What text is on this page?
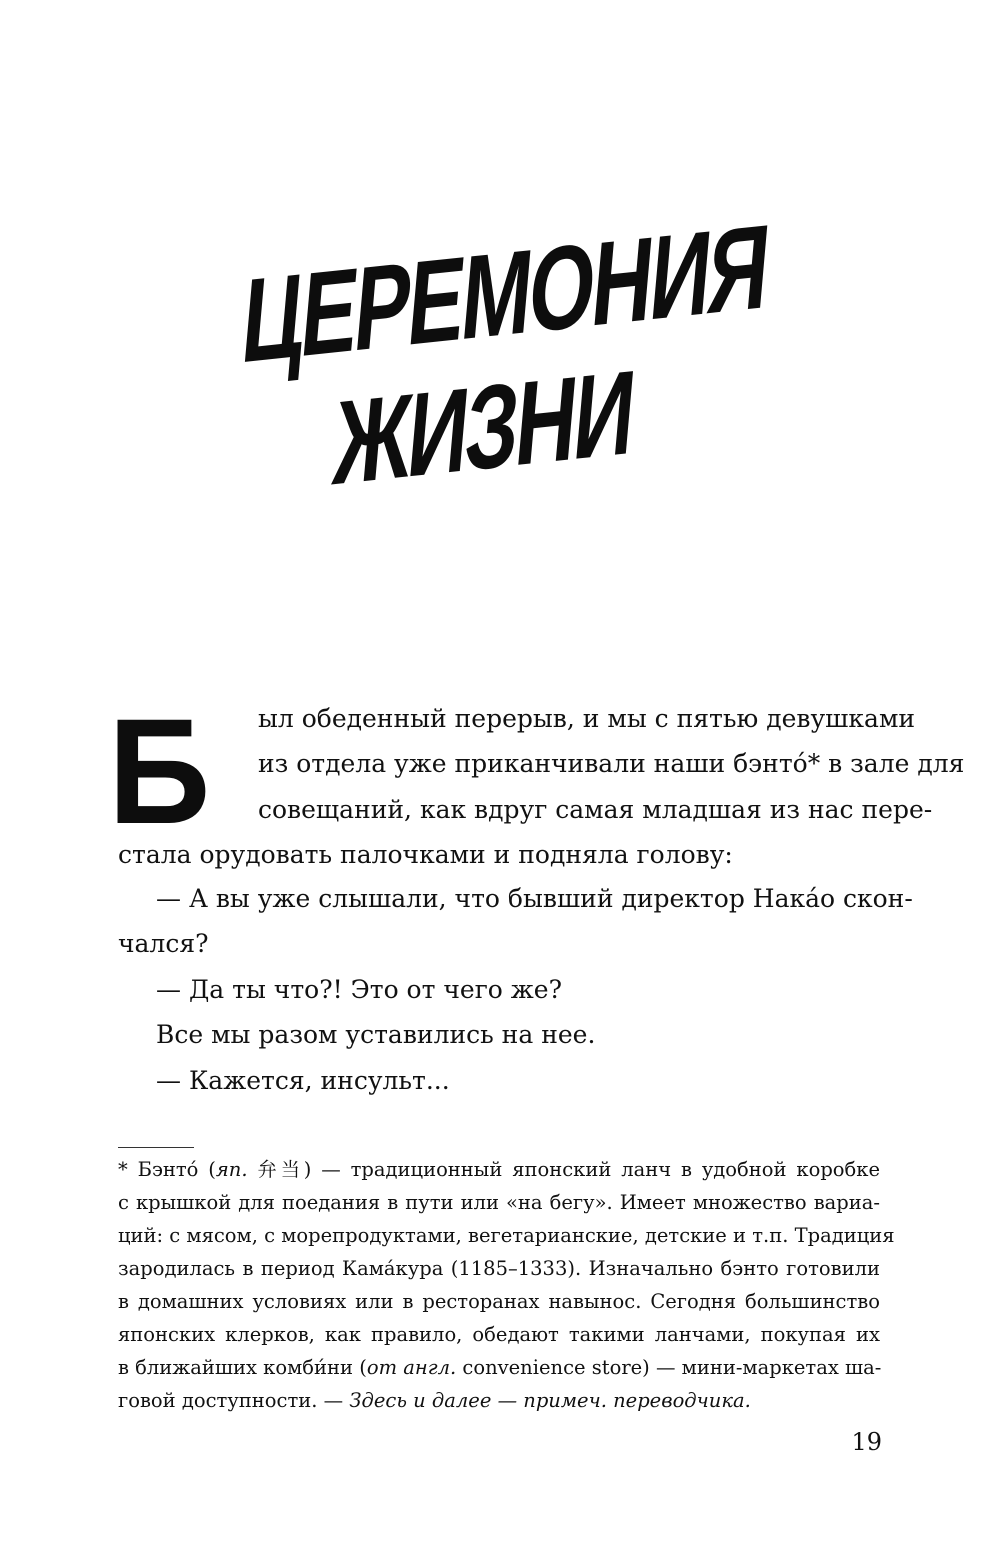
ЦЕРЕМОНИЯ
ЖИЗНИ
Б ыл обеденный перерыв, и мы с пятью девушками
из отдела уже приканчивали наши бэнто́* в зале для
совещаний, как вдруг самая младшая из нас пере-
стала орудовать палочками и подняла голову:
— А вы уже слышали, что бывший директор Нака́о скон-
чался?
— Да ты что?! Это от чего же?
Все мы разом уставились на нее.
— Кажется, инсульт...
* Бэнто́ (яп. 弁当) — традиционный японский ланч в удобной коробке
с крышкой для поедания в пути или «на бегу». Имеет множество вариа-
ций: с мясом, с морепродуктами, вегетарианские, детские и т.п. Традиция
зародилась в период Кама́кура (1185–1333). Изначально бэнто готовили
в домашних условиях или в ресторанах навынос. Сегодня большинство
японских клерков, как правило, обедают такими ланчами, покупая их
в ближайших комби́ни (от англ. convenience store) — мини-маркетах ша-
говой доступности. — Здесь и далее — примеч. переводчика.
19
